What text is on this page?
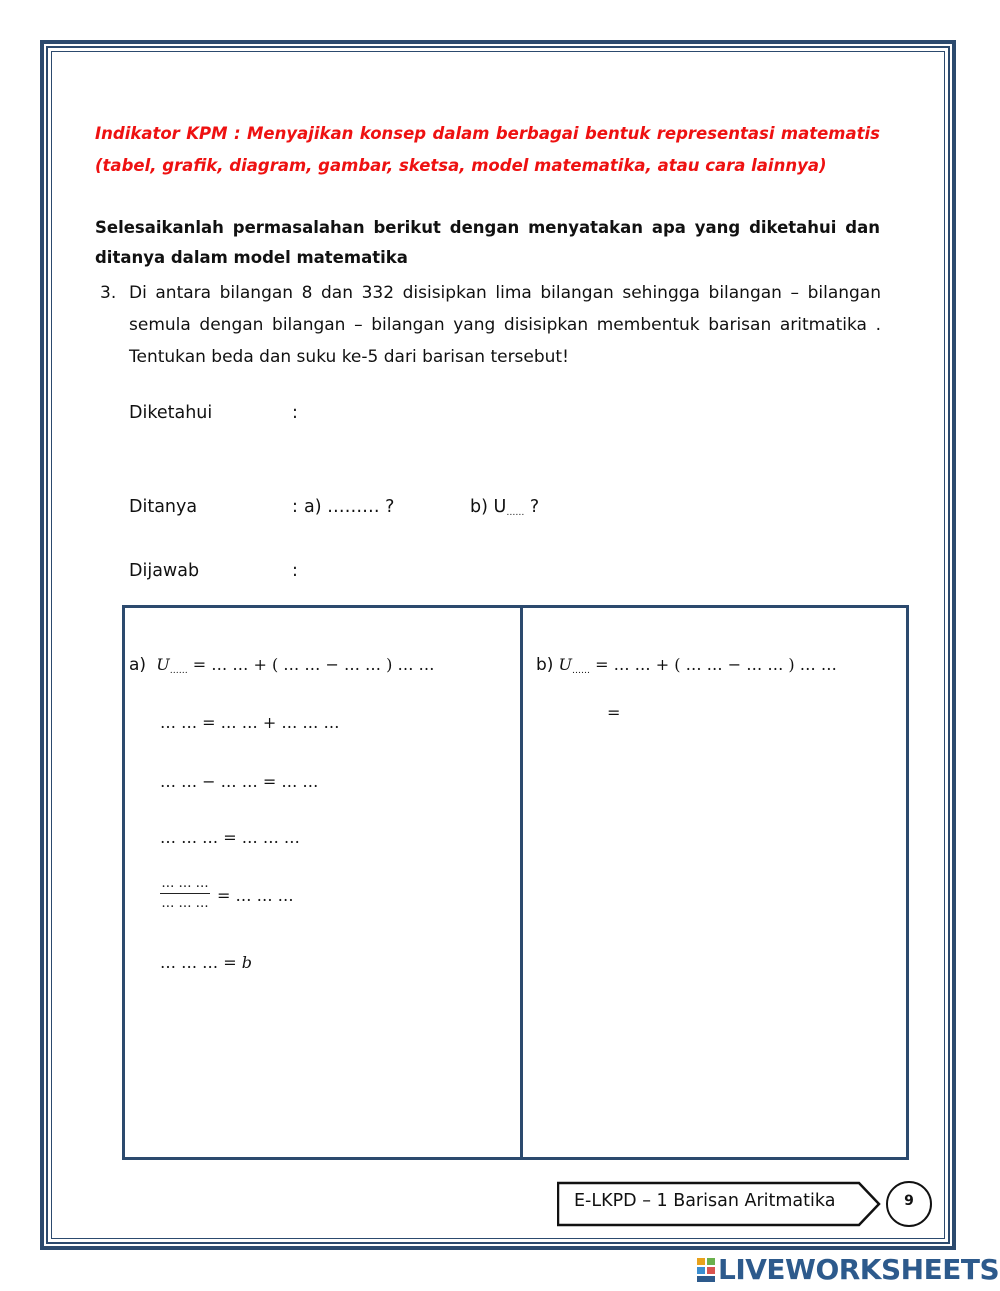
Indikator KPM : Menyajikan konsep dalam berbagai bentuk representasi matematis (tabel, grafik, diagram, gambar, sketsa, model matematika, atau cara lainnya)
Selesaikanlah permasalahan berikut dengan menyatakan apa yang diketahui dan ditanya dalam model matematika
3. Di antara bilangan 8 dan 332 disisipkan lima bilangan sehingga bilangan – bilangan semula dengan bilangan – bilangan yang disisipkan membentuk barisan aritmatika . Tentukan beda dan suku ke-5 dari barisan tersebut!
Diketahui	:
Ditanya	: a) ……… ?	b) $U_{\dots\dots}$ ?
Dijawab	:
a) $U_{\dots\dots}$ = … … + ( … … − … … ) … …
… … = … … + … … …
… … − … … = … …
… … … = … … …
… … …
… … … = … … …
… … … = b
b) $U_{\dots\dots}$ = … … + ( … … − … … ) … …
=
E-LKPD – 1 Barisan Aritmatika	9
LIVEWORKSHEETS
